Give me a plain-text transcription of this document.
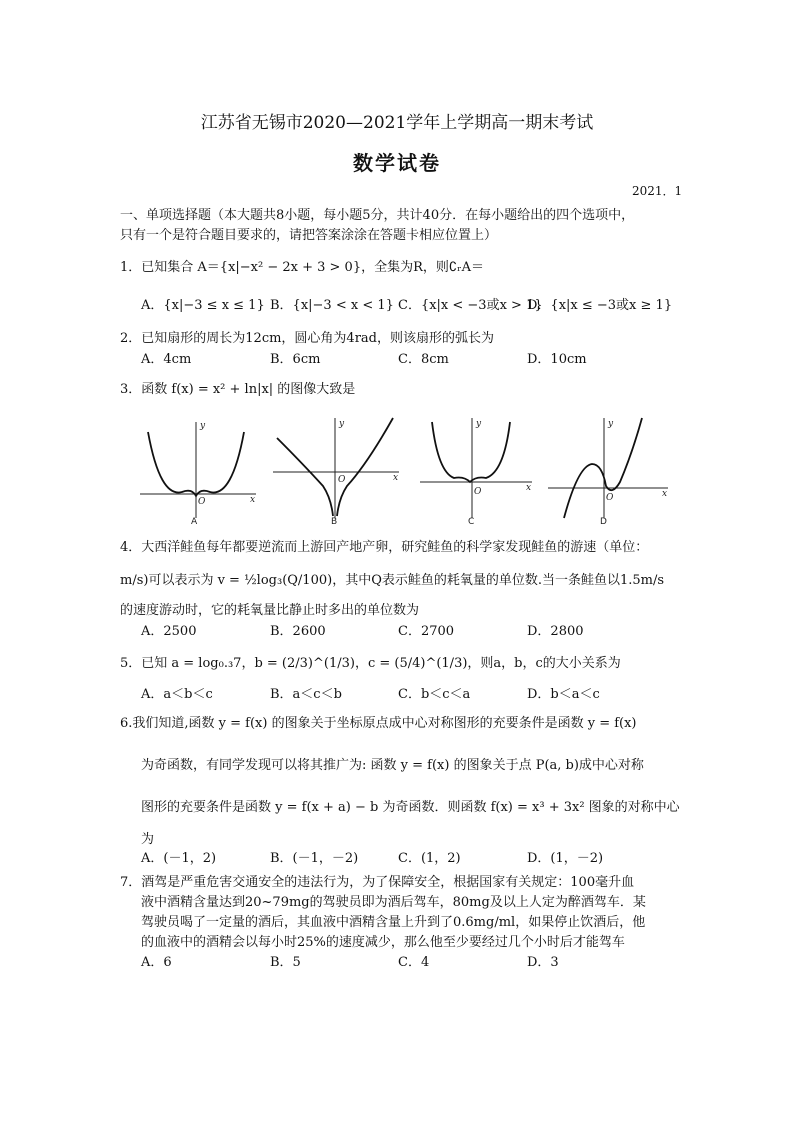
江苏省无锡市2020—2021学年上学期高一期末考试
数学试卷
2021．1
一、单项选择题（本大题共8小题，每小题5分，共计40分．在每小题给出的四个选项中，
只有一个是符合题目要求的，请把答案涂涂在答题卡相应位置上）
1．已知集合 A＝{x|−x² − 2x + 3 > 0}，全集为R，则∁ᵣA＝
A．{x|−3 ≤ x ≤ 1} B．{x|−3 < x < 1} C．{x|x < −3或x > 1}
D．{x|x ≤ −3或x ≥ 1}
2．已知扇形的周长为12cm，圆心角为4rad，则该扇形的弧长为
A．4cm	B．6cm	C．8cm	D．10cm
3．函数 f(x) = x² + ln|x| 的图像大致是
y
x
O
A
y
x
O
B
y
x
O
C
y
x
O
D
4．大西洋鲑鱼每年都要逆流而上游回产地产卵，研究鲑鱼的科学家发现鲑鱼的游速（单位：
m/s)可以表示为 v = ½log₃(Q/100)，其中Q表示鲑鱼的耗氧量的单位数.当一条鲑鱼以1.5m/s
的速度游动时，它的耗氧量比静止时多出的单位数为
A．2500	B．2600	C．2700	D．2800
5．已知 a = log₀.₃7，b = (2/3)^(1/3)，c = (5/4)^(1/3)，则a，b，c的大小关系为
A．a＜b＜c	B．a＜c＜b	C．b＜c＜a	D．b＜a＜c
6.我们知道,函数 y = f(x) 的图象关于坐标原点成中心对称图形的充要条件是函数 y = f(x)
为奇函数，有同学发现可以将其推广为: 函数 y = f(x) 的图象关于点 P(a, b)成中心对称
图形的充要条件是函数 y = f(x + a) − b 为奇函数．则函数 f(x) = x³ + 3x² 图象的对称中心
为
A．(－1，2)	B．(－1，－2)	C．(1，2)	D．(1，－2)
7．酒驾是严重危害交通安全的违法行为，为了保障安全，根据国家有关规定：100毫升血
液中酒精含量达到20~79mg的驾驶员即为酒后驾车，80mg及以上人定为醉酒驾车．某
驾驶员喝了一定量的酒后，其血液中酒精含量上升到了0.6mg/ml，如果停止饮酒后，他
的血液中的酒精会以每小时25%的速度减少，那么他至少要经过几个小时后才能驾车
A．6	B．5	C．4	D．3
